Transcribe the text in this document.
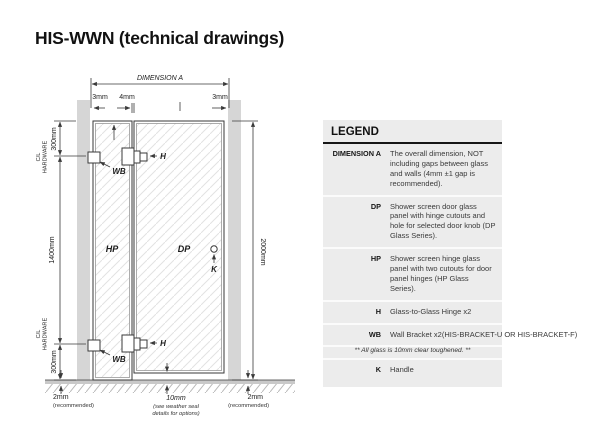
HIS-WWN (technical drawings)
DIMENSION A
3mm 4mm	3mm
2000mm
300mm
1400mm
300mm
C/L HARDWARE
C/L HARDWARE
WB
WB
H
H
HP	DP
K
2mm
(recommended)
10mm
(see weather seal
details for options)
2mm
(recommended)
LEGEND
DIMENSION A The overall dimension, NOT including gaps between glass and walls (4mm ±1 gap is recommended).
DP Shower screen door glass panel with hinge cutouts and hole for selected door knob (DP Glass Series).
HP Shower screen hinge glass panel with two cutouts for door panel hinges (HP Glass Series).
H Glass-to-Glass Hinge x2
WB Wall Bracket x2(HIS-BRACKET-U OR HIS-BRACKET-F)
K Handle
** All glass is 10mm clear toughened. **
